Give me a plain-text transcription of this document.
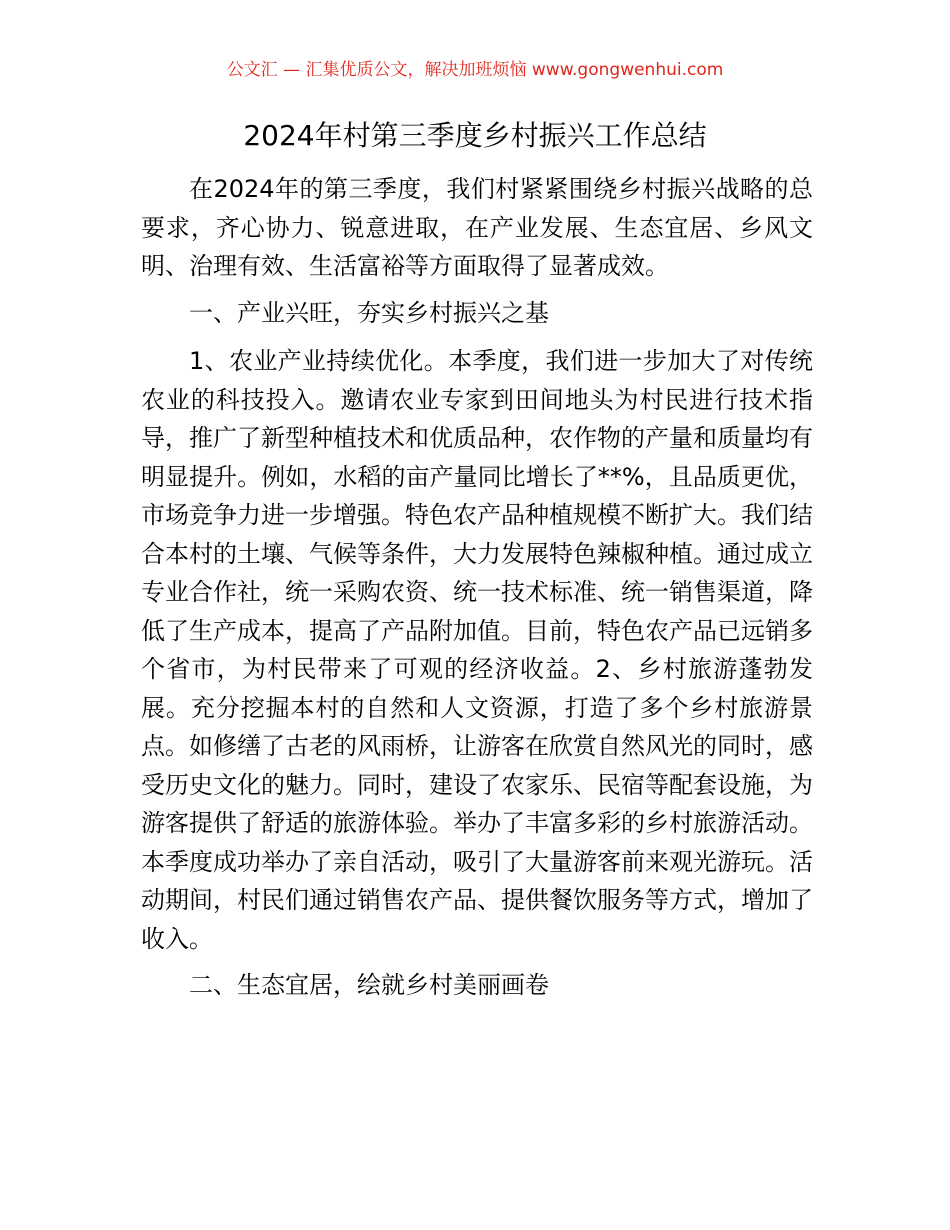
公文汇 — 汇集优质公文，解决加班烦恼 www.gongwenhui.com
2024年村第三季度乡村振兴工作总结

在2024年的第三季度，我们村紧紧围绕乡村振兴战略的总要求，齐心协力、锐意进取，在产业发展、生态宜居、乡风文明、治理有效、生活富裕等方面取得了显著成效。

一、产业兴旺，夯实乡村振兴之基

1、农业产业持续优化。本季度，我们进一步加大了对传统农业的科技投入。邀请农业专家到田间地头为村民进行技术指导，推广了新型种植技术和优质品种，农作物的产量和质量均有明显提升。例如，水稻的亩产量同比增长了**%，且品质更优，市场竞争力进一步增强。特色农产品种植规模不断扩大。我们结合本村的土壤、气候等条件，大力发展特色辣椒种植。通过成立专业合作社，统一采购农资、统一技术标准、统一销售渠道，降低了生产成本，提高了产品附加值。目前，特色农产品已远销多个省市，为村民带来了可观的经济收益。2、乡村旅游蓬勃发展。充分挖掘本村的自然和人文资源，打造了多个乡村旅游景点。如修缮了古老的风雨桥，让游客在欣赏自然风光的同时，感受历史文化的魅力。同时，建设了农家乐、民宿等配套设施，为游客提供了舒适的旅游体验。举办了丰富多彩的乡村旅游活动。本季度成功举办了亲自活动，吸引了大量游客前来观光游玩。活动期间，村民们通过销售农产品、提供餐饮服务等方式，增加了收入。

二、生态宜居，绘就乡村美丽画卷
